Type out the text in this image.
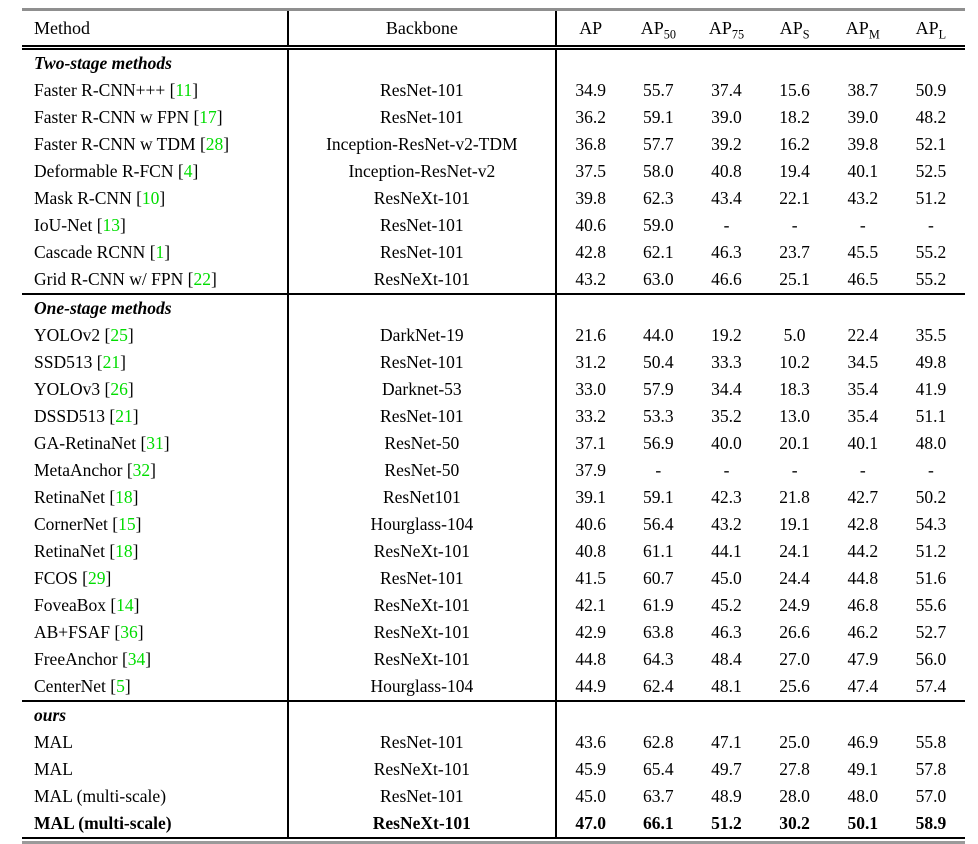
Method	Backbone	AP	$AP_{50}$	$AP_{75}$	$AP_S$	$AP_M$	$AP_L$
Two-stage methods							
Faster R-CNN+++ [11]	ResNet-101	34.9	55.7	37.4	15.6	38.7	50.9
Faster R-CNN w FPN [17]	ResNet-101	36.2	59.1	39.0	18.2	39.0	48.2
Faster R-CNN w TDM [28]	Inception-ResNet-v2-TDM	36.8	57.7	39.2	16.2	39.8	52.1
Deformable R-FCN [4]	Inception-ResNet-v2	37.5	58.0	40.8	19.4	40.1	52.5
Mask R-CNN [10]	ResNeXt-101	39.8	62.3	43.4	22.1	43.2	51.2
IoU-Net [13]	ResNet-101	40.6	59.0	-	-	-	-
Cascade RCNN [1]	ResNet-101	42.8	62.1	46.3	23.7	45.5	55.2
Grid R-CNN w/ FPN [22]	ResNeXt-101	43.2	63.0	46.6	25.1	46.5	55.2
One-stage methods							
YOLOv2 [25]	DarkNet-19	21.6	44.0	19.2	5.0	22.4	35.5
SSD513 [21]	ResNet-101	31.2	50.4	33.3	10.2	34.5	49.8
YOLOv3 [26]	Darknet-53	33.0	57.9	34.4	18.3	35.4	41.9
DSSD513 [21]	ResNet-101	33.2	53.3	35.2	13.0	35.4	51.1
GA-RetinaNet [31]	ResNet-50	37.1	56.9	40.0	20.1	40.1	48.0
MetaAnchor [32]	ResNet-50	37.9	-	-	-	-	-
RetinaNet [18]	ResNet101	39.1	59.1	42.3	21.8	42.7	50.2
CornerNet [15]	Hourglass-104	40.6	56.4	43.2	19.1	42.8	54.3
RetinaNet [18]	ResNeXt-101	40.8	61.1	44.1	24.1	44.2	51.2
FCOS [29]	ResNet-101	41.5	60.7	45.0	24.4	44.8	51.6
FoveaBox [14]	ResNeXt-101	42.1	61.9	45.2	24.9	46.8	55.6
AB+FSAF [36]	ResNeXt-101	42.9	63.8	46.3	26.6	46.2	52.7
FreeAnchor [34]	ResNeXt-101	44.8	64.3	48.4	27.0	47.9	56.0
CenterNet [5]	Hourglass-104	44.9	62.4	48.1	25.6	47.4	57.4
ours							
MAL	ResNet-101	43.6	62.8	47.1	25.0	46.9	55.8
MAL	ResNeXt-101	45.9	65.4	49.7	27.8	49.1	57.8
MAL (multi-scale)	ResNet-101	45.0	63.7	48.9	28.0	48.0	57.0
MAL (multi-scale)	ResNeXt-101	47.0	66.1	51.2	30.2	50.1	58.9
